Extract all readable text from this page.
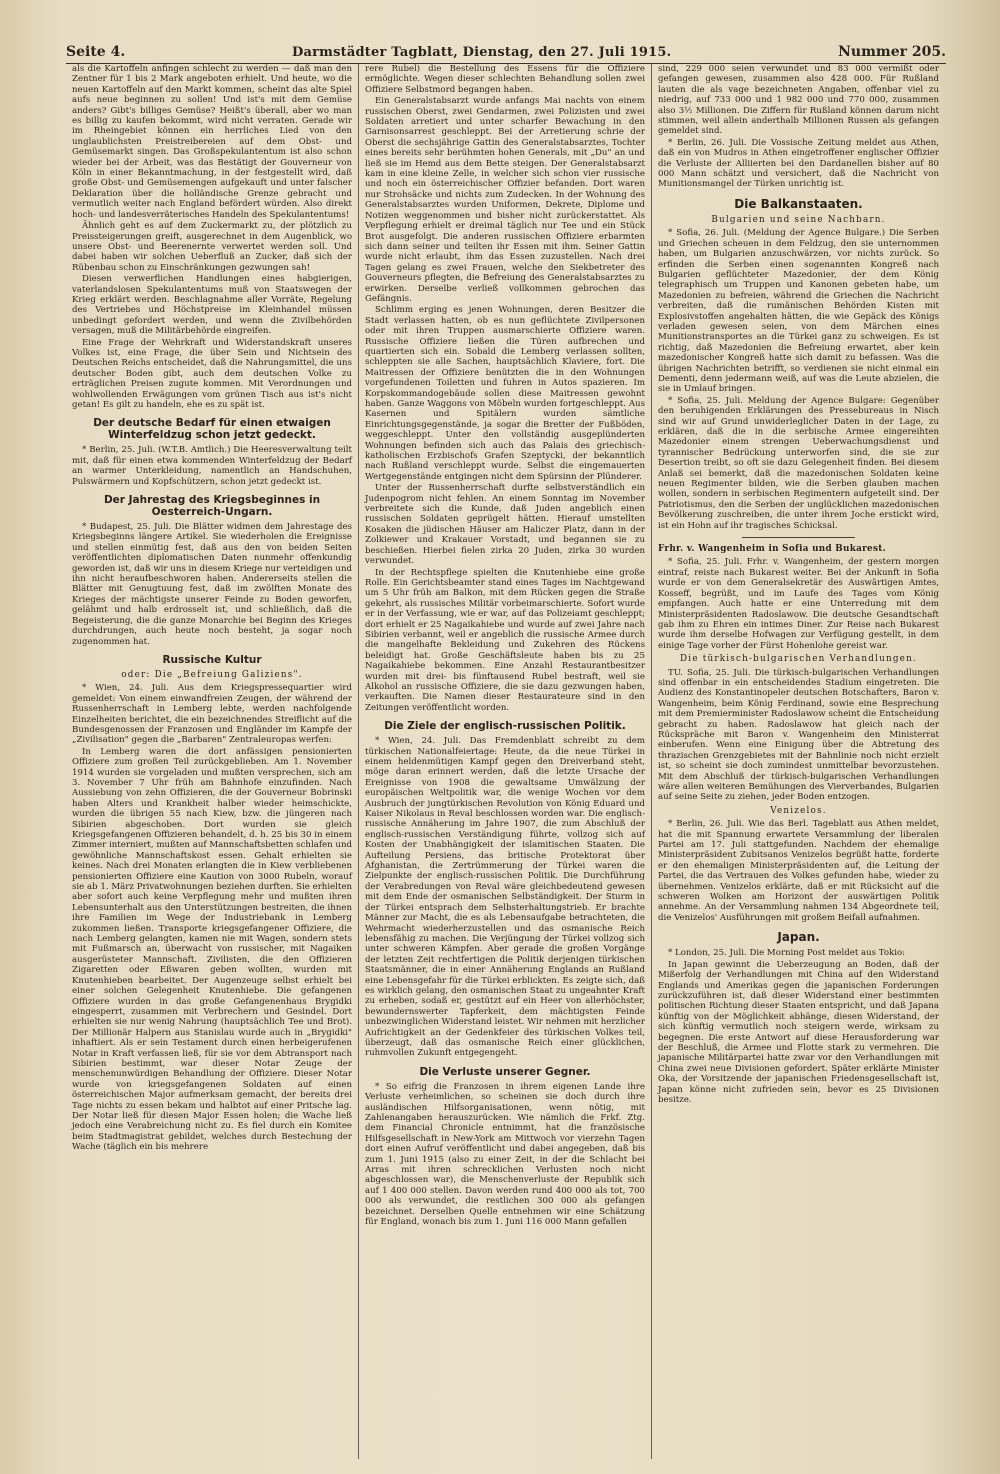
Seite 4.	Darmstädter Tagblatt, Dienstag, den 27. Juli 1915.	Nummer 205.

als die Kartoffeln anfingen schlecht zu werden — daß man den Zentner für 1 bis 2 Mark angeboten erhielt. Und heute, wo die neuen Kartoffeln auf den Markt kommen, scheint das alte Spiel aufs neue beginnen zu sollen! Und ist's mit dem Gemüse anders? Gibt's billiges Gemüse? Heißt's überall, aber wo man es billig zu kaufen bekommt, wird nicht verraten. Gerade wir im Rheingebiet können ein herrliches Lied von den unglaublichsten Preistreibereien auf dem Obst- und Gemüsemarkt singen. Das Großspekulantentum ist also schon wieder bei der Arbeit, was das Bestätigt der Gouverneur von Köln in einer Bekanntmachung, in der festgestellt wird, daß große Obst- und Gemüsemengen aufgekauft und unter falscher Deklaration über die holländische Grenze gebracht und vermutlich weiter nach England befördert würden. Also direkt hoch- und landesverräterisches Handeln des Spekulantentums!

Ähnlich geht es auf dem Zuckermarkt zu, der plötzlich zu Preissteigerungen greift, ausgerechnet in dem Augenblick, wo unsere Obst- und Beerenernte verwertet werden soll. Und dabei haben wir solchen Ueberfluß an Zucker, daß sich der Rübenbau schon zu Einschränkungen gezwungen sah!

Diesen verwerflichen Handlungen eines habgierigen, vaterlandslosen Spekulantentums muß von Staatswegen der Krieg erklärt werden. Beschlagnahme aller Vorräte, Regelung des Vertriebes und Höchstpreise im Kleinhandel müssen unbedingt gefordert werden, und wenn die Zivilbehörden versagen, muß die Militärbehörde eingreifen.

Eine Frage der Wehrkraft und Widerstandskraft unseres Volkes ist, eine Frage, die über Sein und Nichtsein des Deutschen Reichs entscheidet, daß die Nahrungsmittel, die uns deutscher Boden gibt, auch dem deutschen Volke zu erträglichen Preisen zugute kommen. Mit Verordnungen und wohlwollenden Erwägungen vom grünen Tisch aus ist's nicht getan! Es gilt zu handeln, ehe es zu spät ist.

Der deutsche Bedarf für einen etwaigen Winterfeldzug schon jetzt gedeckt.

* Berlin, 25. Juli. (W.T.B. Amtlich.) Die Heeresverwaltung teilt mit, daß für einen etwa kommenden Winterfeldzug der Bedarf an warmer Unterkleidung, namentlich an Handschuhen, Pulswärmern und Kopfschützern, schon jetzt gedeckt ist.

Der Jahrestag des Kriegsbeginnes in Oesterreich-Ungarn.

* Budapest, 25. Juli. Die Blätter widmen dem Jahrestage des Kriegsbeginns längere Artikel. Sie wiederholen die Ereignisse und stellen einmütig fest, daß aus den von beiden Seiten veröffentlichten diplomatischen Daten nunmehr offenkundig geworden ist, daß wir uns in diesem Kriege nur verteidigen und ihn nicht heraufbeschworen haben. Andererseits stellen die Blätter mit Genugtuung fest, daß im zwölften Monate des Krieges der mächtigste unserer Feinde zu Boden geworfen, gelähmt und halb erdrosselt ist, und schließlich, daß die Begeisterung, die die ganze Monarchie bei Beginn des Krieges durchdrungen, auch heute noch besteht, ja sogar noch zugenommen hat.

Russische Kultur
oder: Die „Befreiung Galiziens".

* Wien, 24. Juli. Aus dem Kriegspressequartier wird gemeldet: Von einem einwandfreien Zeugen, der während der Russenherrschaft in Lemberg lebte, werden nachfolgende Einzelheiten berichtet, die ein bezeichnendes Streiflicht auf die Bundesgenossen der Franzosen und Engländer im Kampfe der „Zivilisation" gegen die „Barbaren" Zentraleuropas werfen:

In Lemberg waren die dort anfässigen pensionierten Offiziere zum großen Teil zurückgeblieben. Am 1. November 1914 wurden sie vorgeladen und mußten versprechen, sich am 3. November 7 Uhr früh am Bahnhofe einzufinden. Nach Aussiebung von zehn Offizieren, die der Gouverneur Bobrinski haben Alters und Krankheit halber wieder heimschickte, wurden die übrigen 55 nach Kiew, bzw. die jüngeren nach Sibirien abgeschoben. Dort wurden sie gleich Kriegsgefangenen Offizieren behandelt, d. h. 25 bis 30 in einem Zimmer interniert, mußten auf Mannschaftsbetten schlafen und gewöhnliche Mannschaftskost essen. Gehalt erhielten sie keines. Nach drei Monaten erlangten die in Kiew verbliebenen pensionierten Offiziere eine Kaution von 3000 Rubeln, worauf sie ab 1. März Privatwohnungen beziehen durften. Sie erhielten aber sofort auch keine Verpflegung mehr und mußten ihren Lebensunterhalt aus den Unterstützungen bestreiten, die ihnen ihre Familien im Wege der Industriebank in Lemberg zukommen ließen. Transporte kriegsgefangener Offiziere, die nach Lemberg gelangten, kamen nie mit Wagen, sondern stets mit Fußmarsch an, überwacht von russischer, mit Nagaiken ausgerüsteter Mannschaft. Zivilisten, die den Offizieren Zigaretten oder Eßwaren geben wollten, wurden mit Knutenhieben bearbeitet. Der Augenzeuge selbst erhielt bei einer solchen Gelegenheit Knutenhiebe. Die gefangenen Offiziere wurden in das große Gefangenenhaus Brygidki eingesperrt, zusammen mit Verbrechern und Gesindel. Dort erhielten sie nur wenig Nahrung (hauptsächlich Tee und Brot). Der Millionär Halpern aus Stanislau wurde auch in „Brygidki" inhaftiert. Als er sein Testament durch einen herbeigerufenen Notar in Kraft verfassen ließ, für sie vor dem Abtransport nach Sibirien bestimmt, war dieser Notar Zeuge der menschenunwürdigen Behandlung der Offiziere. Dieser Notar wurde von kriegsgefangenen Soldaten auf einen österreichischen Major aufmerksam gemacht, der bereits drei Tage nichts zu essen bekam und halbtot auf einer Pritsche lag. Der Notar ließ für diesen Major Essen holen; die Wache ließ jedoch eine Verabreichung nicht zu. Es fiel durch ein Komitee beim Stadtmagistrat gebildet, welches durch Bestechung der Wache (täglich ein bis mehrere

rere Rubel) die Bestellung des Essens für die Offiziere ermöglichte. Wegen dieser schlechten Behandlung sollen zwei Offiziere Selbstmord begangen haben.

Ein Generalstabsarzt wurde anfangs Mai nachts von einem russischen Oberst, zwei Gendarmen, zwei Polizisten und zwei Soldaten arretiert und unter scharfer Bewachung in den Garnisonsarrest geschleppt. Bei der Arretierung schrie der Oberst die sechsjährige Gattin des Generalstabsarztes, Tochter eines bereits sehr berühmten hohen Generals, mit „Du" an und ließ sie im Hemd aus dem Bette steigen. Der Generalstabsarzt kam in eine kleine Zelle, in welcher sich schon vier russische und noch ein österreichischer Offizier befanden. Dort waren nur Strohsäcke und nichts zum Zudecken. In der Wohnung des Generalstabsarztes wurden Uniformen, Dekrete, Diplome und Notizen weggenommen und bisher nicht zurückerstattet. Als Verpflegung erhielt er dreimal täglich nur Tee und ein Stück Brot ausgefolgt. Die anderen russischen Offiziere erbarmten sich dann seiner und teilten ihr Essen mit ihm. Seiner Gattin wurde nicht erlaubt, ihm das Essen zuzustellen. Nach drei Tagen gelang es zwei Frauen, welche den Siekbetreter des Gouverneurs pflegten, die Befreiung des Generalstabsarztes zu erwirken. Derselbe verließ vollkommen gebrochen das Gefängnis.

Schlimm erging es jenen Wohnungen, deren Besitzer die Stadt verlassen hatten, ob es nun geflüchtete Zivilpersonen oder mit ihren Truppen ausmarschierte Offiziere waren. Russische Offiziere ließen die Türen aufbrechen und quartierten sich ein. Sobald die Lemberg verlassen sollten, schleppten sie alle Sachen, hauptsächlich Klaviere, fort. Die Maitressen der Offiziere benützten die in den Wohnungen vorgefundenen Toiletten und fuhren in Autos spazieren. Im Korpskommandogebäude sollen diese Maitressen gewohnt haben. Ganze Waggons von Möbeln wurden fortgeschleppt. Aus Kasernen und Spitälern wurden sämtliche Einrichtungsgegenstände, ja sogar die Bretter der Fußböden, weggeschleppt. Unter den vollständig ausgeplünderten Wohnungen befinden sich auch das Palais des griechisch-katholischen Erzbischofs Grafen Szeptycki, der bekanntlich nach Rußland verschleppt wurde. Selbst die eingemauerten Wertgegenstände entgingen nicht dem Spürsinn der Plünderer.

Unter der Russenherrschaft durfte selbstverständlich ein Judenpogrom nicht fehlen. An einem Sonntag im November verbreitete sich die Kunde, daß Juden angeblich einen russischen Soldaten geprügelt hätten. Hierauf umstellten Kosaken die jüdischen Häuser am Haliczer Platz, dann in der Zolkiewer und Krakauer Vorstadt, und begannen sie zu beschießen. Hierbei fielen zirka 20 Juden, zirka 30 wurden verwundet.

In der Rechtspflege spielten die Knutenhiebe eine große Rolle. Ein Gerichtsbeamter stand eines Tages im Nachtgewand um 5 Uhr früh am Balkon, mit dem Rücken gegen die Straße gekehrt, als russisches Militär vorbeimarschierte. Sofort wurde er in der Verfassung, wie er war, auf das Polizeiamt geschleppt; dort erhielt er 25 Nagaikahiebe und wurde auf zwei Jahre nach Sibirien verbannt, weil er angeblich die russische Armee durch die mangelhafte Bekleidung und Zukehren des Rückens beleidigt hat. Große Geschäftsleute haben bis zu 25 Nagaikahiebe bekommen. Eine Anzahl Restaurantbesitzer wurden mit drei- bis fünftausend Rubel bestraft, weil sie Alkohol an russische Offiziere, die sie dazu gezwungen haben, verkauften. Die Namen dieser Restaurateure sind in den Zeitungen veröffentlicht worden.

Die Ziele der englisch-russischen Politik.

* Wien, 24. Juli. Das Fremdenblatt schreibt zu dem türkischen Nationalfeiertage: Heute, da die neue Türkei in einem heldenmütigen Kampf gegen den Dreiverband steht, möge daran erinnert werden, daß die letzte Ursache der Ereignisse von 1908 die gewaltsame Umwälzung der europäischen Weltpolitik war, die wenige Wochen vor dem Ausbruch der jungtürkischen Revolution von König Eduard und Kaiser Nikolaus in Reval beschlossen worden war. Die englisch-russische Annäherung im Jahre 1907, die zum Abschluß der englisch-russischen Verständigung führte, vollzog sich auf Kosten der Unabhängigkeit der islamitischen Staaten. Die Aufteilung Persiens, das britische Protektorat über Afghanistan, die Zertrümmerung der Türkei waren die Zielpunkte der englisch-russischen Politik. Die Durchführung der Verabredungen von Reval wäre gleichbedeutend gewesen mit dem Ende der osmanischen Selbständigkeit. Der Sturm in der Türkei entsprach dem Selbsterhaltungstrieb. Er brachte Männer zur Macht, die es als Lebensaufgabe betrachteten, die Wehrmacht wiederherzustellen und das osmanische Reich lebensfähig zu machen. Die Verjüngung der Türkei vollzog sich unter schweren Kämpfen. Aber gerade die großen Vorgänge der letzten Zeit rechtfertigen die Politik derjenigen türkischen Staatsmänner, die in einer Annäherung Englands an Rußland eine Lebensgefahr für die Türkei erblickten. Es zeigte sich, daß es wirklich gelang, den osmanischen Staat zu ungeahnter Kraft zu erheben, sodaß er, gestützt auf ein Heer von allerhöchster, bewundernswerter Tapferkeit, dem mächtigsten Feinde unbezwinglichen Widerstand leistet. Wir nehmen mit herzlicher Aufrichtigkeit an der Gedenkfeier des türkischen Volkes teil, überzeugt, daß das osmanische Reich einer glücklichen, ruhmvollen Zukunft entgegengeht.

Die Verluste unserer Gegner.

* So eifrig die Franzosen in ihrem eigenen Lande ihre Verluste verheimlichen, so scheinen sie doch durch ihre ausländischen Hilfsorganisationen, wenn nötig, mit Zahlenangaben herauszurücken. Wie nämlich die Frkf. Ztg. dem Financial Chronicle entnimmt, hat die französische Hilfsgesellschaft in New-York am Mittwoch vor vierzehn Tagen dort einen Aufruf veröffentlicht und dabei angegeben, daß bis zum 1. Juni 1915 (also zu einer Zeit, in der die Schlacht bei Arras mit ihren schrecklichen Verlusten noch nicht abgeschlossen war), die Menschenverluste der Republik sich auf 1 400 000 stellen. Davon werden rund 400 000 als tot, 700 000 als verwundet, die restlichen 300 000 als gefangen bezeichnet. Derselben Quelle entnehmen wir eine Schätzung für England, wonach bis zum 1. Juni 116 000 Mann gefallen

sind, 229 000 seien verwundet und 83 000 vermißt oder gefangen gewesen, zusammen also 428 000. Für Rußland lauten die als vage bezeichneten Angaben, offenbar viel zu niedrig, auf 733 000 und 1 982 000 und 770 000, zusammen also 3½ Millionen. Die Ziffern für Rußland können darum nicht stimmen, weil allein anderthalb Millionen Russen als gefangen gemeldet sind.

* Berlin, 26. Juli. Die Vossische Zeitung meldet aus Athen, daß ein von Mudros in Athen eingetroffener englischer Offizier die Verluste der Alliierten bei den Dardanellen bisher auf 80 000 Mann schätzt und versichert, daß die Nachricht von Munitionsmangel der Türken unrichtig ist.

Die Balkanstaaten.
Bulgarien und seine Nachbarn.

* Sofia, 26. Juli. (Meldung der Agence Bulgare.) Die Serben und Griechen scheuen in dem Feldzug, den sie unternommen haben, um Bulgarien anzuschwärzen, vor nichts zurück. So erfinden die Serben einen sogenannten Kongreß nach Bulgarien geflüchteter Mazedonier, der dem König telegraphisch um Truppen und Kanonen gebeten habe, um Mazedonien zu befreien, während die Griechen die Nachricht verbreiten, daß die rumänischen Behörden Kisten mit Explosivstoffen angehalten hätten, die wie Gepäck des Königs verladen gewesen seien, von dem Märchen eines Munitionstransportes an die Türkei ganz zu schweigen. Es ist richtig, daß Mazedonien die Befreiung erwartet, aber kein mazedonischer Kongreß hatte sich damit zu befassen. Was die übrigen Nachrichten betrifft, so verdienen sie nicht einmal ein Dementi, denn jedermann weiß, auf was die Leute abzielen, die sie in Umlauf bringen.

* Sofia, 25. Juli. Meldung der Agence Bulgare: Gegenüber den beruhigenden Erklärungen des Pressebureaus in Nisch sind wir auf Grund unwiderleglicher Daten in der Lage, zu erklären, daß die in die serbische Armee eingereihten Mazedonier einem strengen Ueberwachungsdienst und tyrannischer Bedrückung unterworfen sind, die sie zur Desertion treibt, so oft sie dazu Gelegenheit finden. Bei diesem Anlaß sei bemerkt, daß die mazedonischen Soldaten keine neuen Regimenter bilden, wie die Serben glauben machen wollen, sondern in serbischen Regimentern aufgeteilt sind. Der Patriotismus, den die Serben der unglücklichen mazedonischen Bevölkerung zuschreiben, die unter ihrem Joche erstickt wird, ist ein Hohn auf ihr tragisches Schicksal.

Frhr. v. Wangenheim in Sofia und Bukarest.

* Sofia, 25. Juli. Frhr. v. Wangenheim, der gestern morgen eintraf, reiste nach Bukarest weiter. Bei der Ankunft in Sofia wurde er von dem Generalsekretär des Auswärtigen Amtes, Kosseff, begrüßt, und im Laufe des Tages vom König empfangen. Auch hatte er eine Unterredung mit dem Ministerpräsidenten Radoslawow. Die deutsche Gesandtschaft gab ihm zu Ehren ein intimes Diner. Zur Reise nach Bukarest wurde ihm derselbe Hofwagen zur Verfügung gestellt, in dem einige Tage vorher der Fürst Hohenlohe gereist war.

Die türkisch-bulgarischen Verhandlungen.

TU. Sofia, 25. Juli. Die türkisch-bulgarischen Verhandlungen sind offenbar in ein entscheidendes Stadium eingetreten. Die Audienz des Konstantinopeler deutschen Botschafters, Baron v. Wangenheim, beim König Ferdinand, sowie eine Besprechung mit dem Premierminister Radoslawow scheint die Entscheidung gebracht zu haben. Radoslawow hat gleich nach der Rückspräche mit Baron v. Wangenheim den Ministerrat einberufen. Wenn eine Einigung über die Abtretung des thrazischen Grenzgebietes mit der Bahnlinie noch nicht erzielt ist, so scheint sie doch zumindest unmittelbar bevorzustehen. Mit dem Abschluß der türkisch-bulgarischen Verhandlungen wäre allen weiteren Bemühungen des Vierverbandes, Bulgarien auf seine Seite zu ziehen, jeder Boden entzogen.

Venizelos.

* Berlin, 26. Juli. Wie das Berl. Tageblatt aus Athen meldet, hat die mit Spannung erwartete Versammlung der liberalen Partei am 17. Juli stattgefunden. Nachdem der ehemalige Ministerpräsident Zubitsanos Venizelos begrüßt hatte, forderte er den ehemaligen Ministerpräsidenten auf, die Leitung der Partei, die das Vertrauen des Volkes gefunden habe, wieder zu übernehmen. Venizelos erklärte, daß er mit Rücksicht auf die schweren Wolken am Horizont der auswärtigen Politik annehme. An der Versammlung nahmen 134 Abgeordnete teil, die Venizelos' Ausführungen mit großem Beifall aufnahmen.

Japan.

* London, 25. Juli. Die Morning Post meldet aus Tokio:

In Japan gewinnt die Ueberzeugung an Boden, daß der Mißerfolg der Verhandlungen mit China auf den Widerstand Englands und Amerikas gegen die japanischen Forderungen zurückzuführen ist, daß dieser Widerstand einer bestimmten politischen Richtung dieser Staaten entspricht, und daß Japana künftig von der Möglichkeit abhänge, diesen Widerstand, der sich künftig vermutlich noch steigern werde, wirksam zu begegnen. Die erste Antwort auf diese Herausforderung war der Beschluß, die Armee und Flotte stark zu vermehren. Die japanische Militärpartei hatte zwar vor den Verhandlungen mit China zwei neue Divisionen gefordert. Später erklärte Minister Oka, der Vorsitzende der japanischen Friedensgesellschaft ist, Japan könne nicht zufrieden sein, bevor es 25 Divisionen besitze.
